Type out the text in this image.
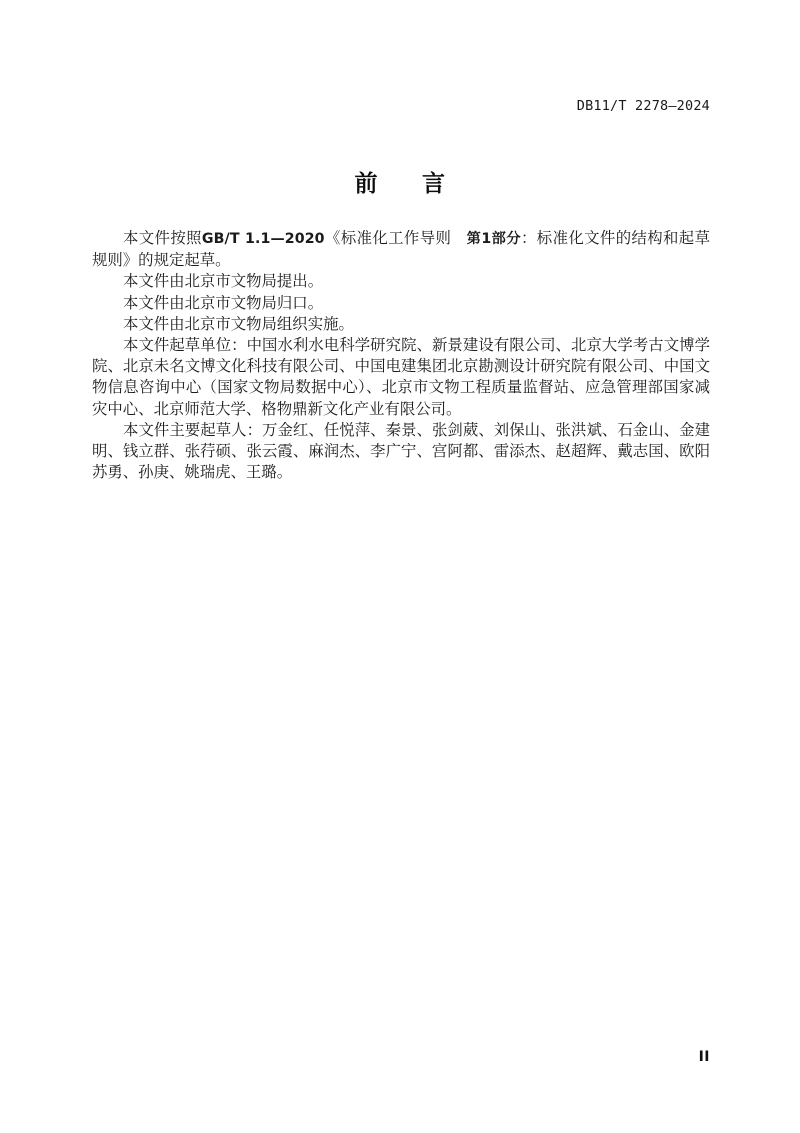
DB11/T 2278—2024
前 言

本文件按照GB/T 1.1—2020《标准化工作导则 第1部分：标准化文件的结构和起草规则》的规定起草。

本文件由北京市文物局提出。

本文件由北京市文物局归口。

本文件由北京市文物局组织实施。

本文件起草单位：中国水利水电科学研究院、新景建设有限公司、北京大学考古文博学院、北京未名文博文化科技有限公司、中国电建集团北京勘测设计研究院有限公司、中国文物信息咨询中心（国家文物局数据中心）、北京市文物工程质量监督站、应急管理部国家减灾中心、北京师范大学、格物鼎新文化产业有限公司。

本文件主要起草人：万金红、任悦萍、秦景、张剑葳、刘保山、张洪斌、石金山、金建明、钱立群、张荇硕、张云霞、麻润杰、李广宁、宫阿都、雷添杰、赵超辉、戴志国、欧阳苏勇、孙庚、姚瑞虎、王璐。

II
